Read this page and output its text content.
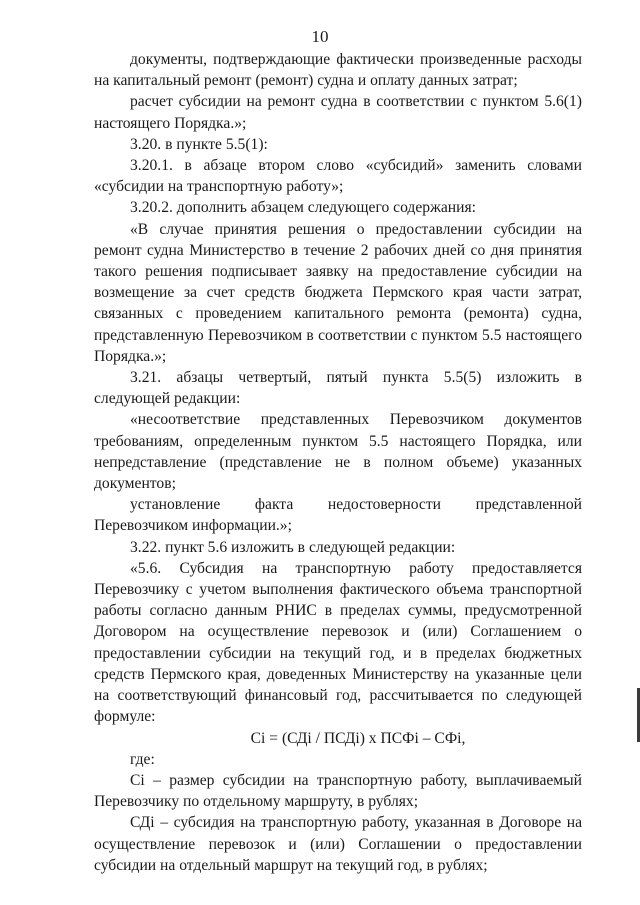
10

документы, подтверждающие фактически произведенные расходы на капитальный ремонт (ремонт) судна и оплату данных затрат;

расчет субсидии на ремонт судна в соответствии с пунктом 5.6(1) настоящего Порядка.»;

3.20. в пункте 5.5(1):

3.20.1. в абзаце втором слово «субсидий» заменить словами «субсидии на транспортную работу»;

3.20.2. дополнить абзацем следующего содержания:

«В случае принятия решения о предоставлении субсидии на ремонт судна Министерство в течение 2 рабочих дней со дня принятия такого решения подписывает заявку на предоставление субсидии на возмещение за счет средств бюджета Пермского края части затрат, связанных с проведением капитального ремонта (ремонта) судна, представленную Перевозчиком в соответствии с пунктом 5.5 настоящего Порядка.»;

3.21. абзацы четвертый, пятый пункта 5.5(5) изложить в следующей редакции:

«несоответствие представленных Перевозчиком документов требованиям, определенным пунктом 5.5 настоящего Порядка, или непредставление (представление не в полном объеме) указанных документов;

установление факта недостоверности представленной Перевозчиком информации.»;

3.22. пункт 5.6 изложить в следующей редакции:

«5.6. Субсидия на транспортную работу предоставляется Перевозчику с учетом выполнения фактического объема транспортной работы согласно данным РНИС в пределах суммы, предусмотренной Договором на осуществление перевозок и (или) Соглашением о предоставлении субсидии на текущий год, и в пределах бюджетных средств Пермского края, доведенных Министерству на указанные цели на соответствующий финансовый год, рассчитывается по следующей формуле:

Сi = (СДi / ПСДi) х ПСФi – СФi,

где:

Сi – размер субсидии на транспортную работу, выплачиваемый Перевозчику по отдельному маршруту, в рублях;

СДi – субсидия на транспортную работу, указанная в Договоре на осуществление перевозок и (или) Соглашении о предоставлении субсидии на отдельный маршрут на текущий год, в рублях;
